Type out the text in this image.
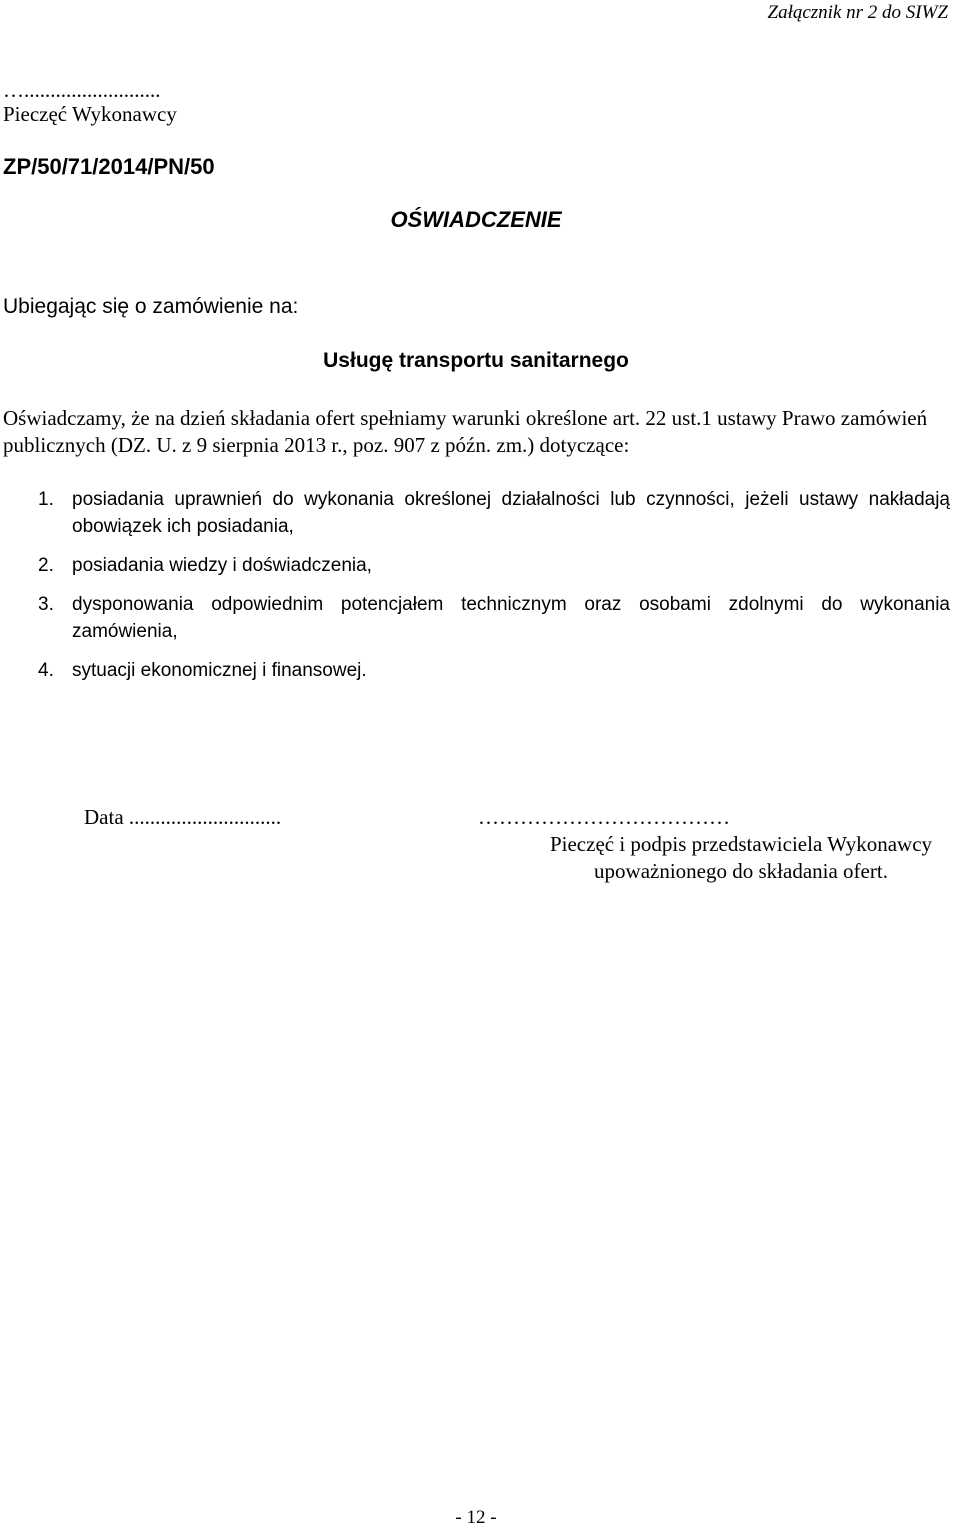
Załącznik nr 2 do SIWZ
…..........................
Pieczęć Wykonawcy
ZP/50/71/2014/PN/50
OŚWIADCZENIE
Ubiegając się o zamówienie na:
Usługę transportu sanitarnego
Oświadczamy, że na dzień składania ofert spełniamy warunki określone art. 22 ust.1 ustawy Prawo zamówień publicznych (DZ. U. z 9 sierpnia 2013 r., poz. 907 z późn. zm.) dotyczące:
1. posiadania uprawnień do wykonania określonej działalności lub czynności, jeżeli ustawy nakładają obowiązek ich posiadania,
2. posiadania wiedzy i doświadczenia,
3. dysponowania odpowiednim potencjałem technicznym oraz osobami zdolnymi do wykonania zamówienia,
4. sytuacji ekonomicznej i finansowej.
Data .............................	………………………………
Pieczęć i podpis przedstawiciela Wykonawcy upoważnionego do składania ofert.
- 12 -
